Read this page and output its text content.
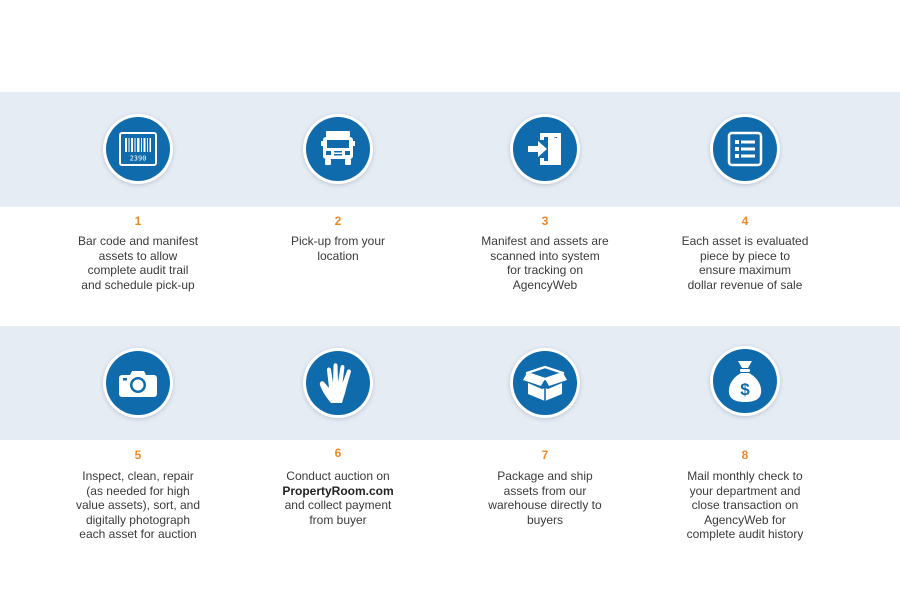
2390
1
Bar code and manifest
assets to allow
complete audit trail
and schedule pick-up
2
Pick-up from your
location
3
Manifest and assets are
scanned into system
for tracking on
AgencyWeb
4
Each asset is evaluated
piece by piece to
ensure maximum
dollar revenue of sale
5
Inspect, clean, repair
(as needed for high
value assets), sort, and
digitally photograph
each asset for auction
6
Conduct auction on
PropertyRoom.com
and collect payment
from buyer
7
Package and ship
assets from our
warehouse directly to
buyers
$
8
Mail monthly check to
your department and
close transaction on
AgencyWeb for
complete audit history
